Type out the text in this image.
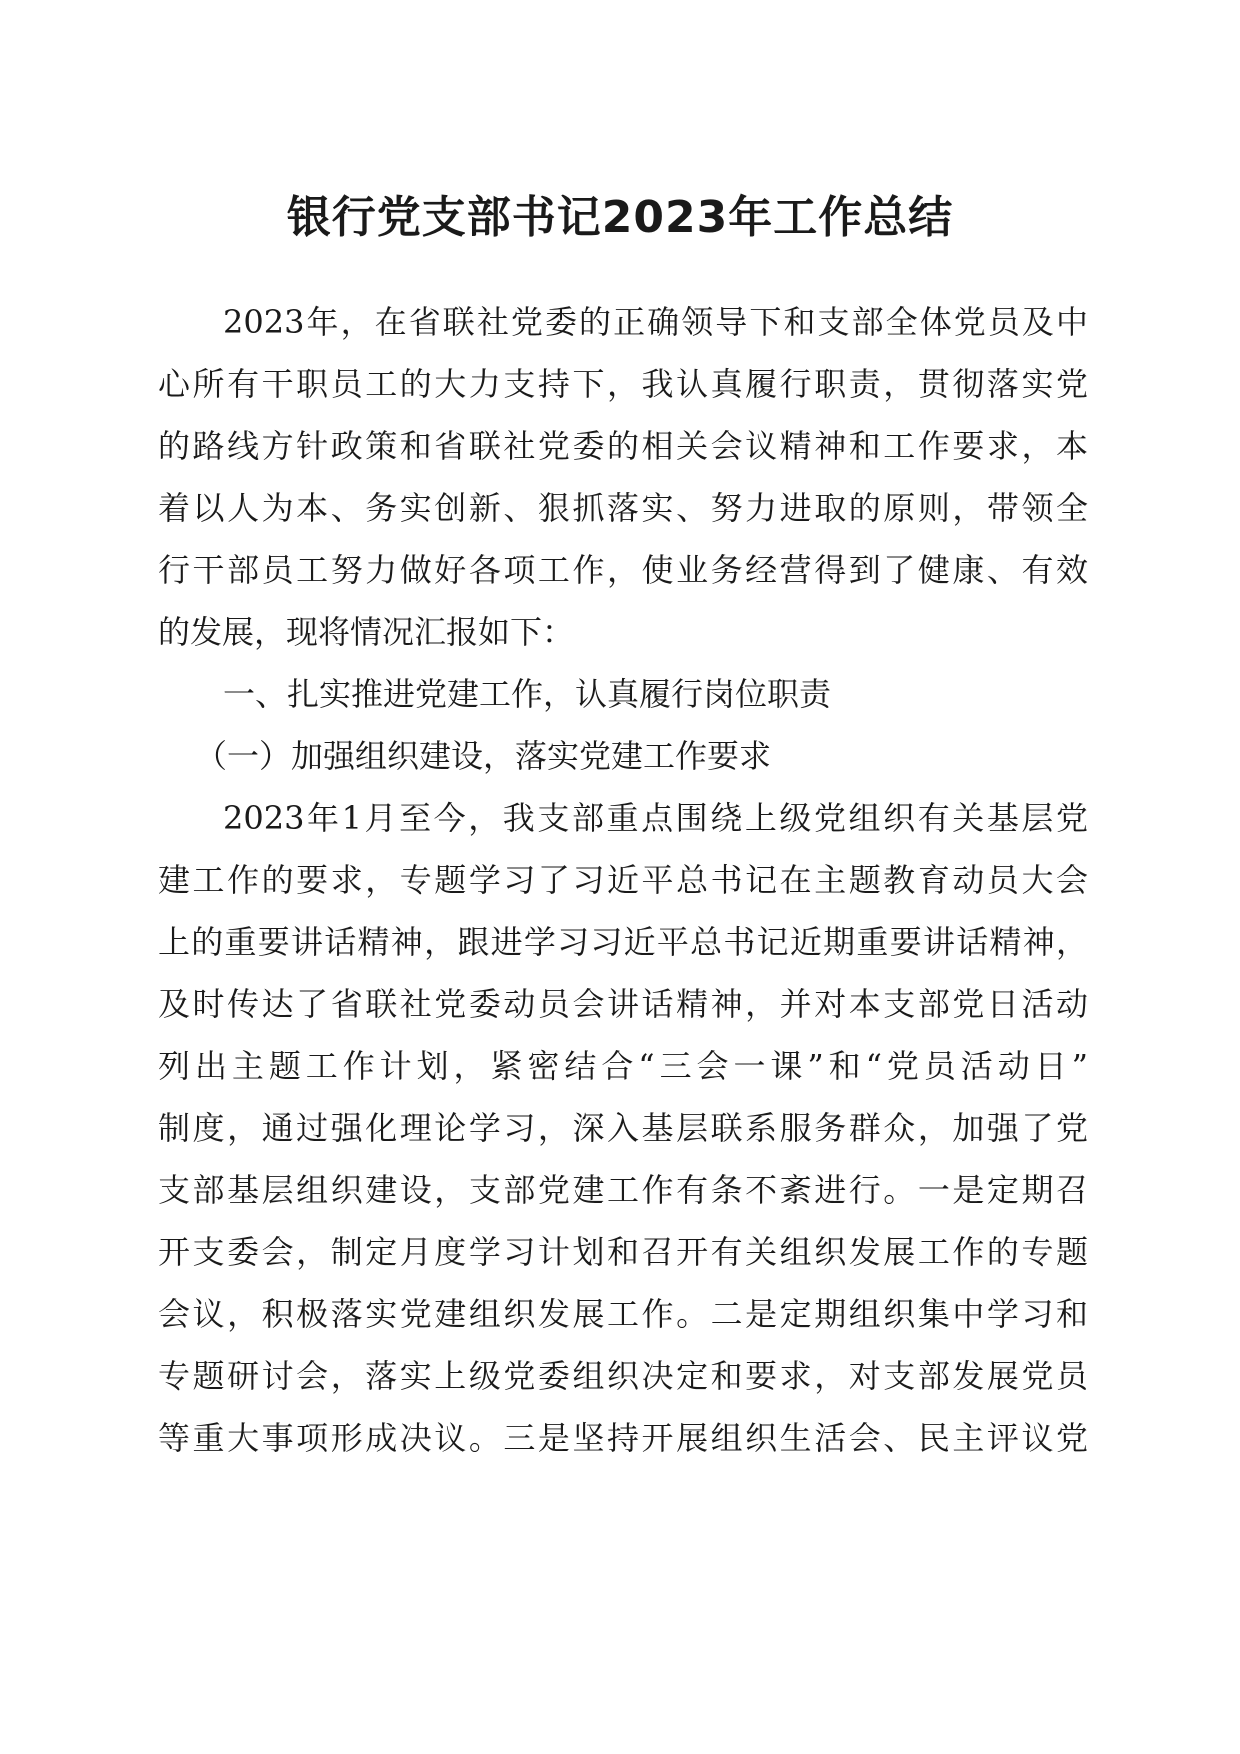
银行党支部书记2023年工作总结
2023年，在省联社党委的正确领导下和支部全体党员及中
心所有干职员工的大力支持下，我认真履行职责，贯彻落实党
的路线方针政策和省联社党委的相关会议精神和工作要求，本
着以人为本、务实创新、狠抓落实、努力进取的原则，带领全
行干部员工努力做好各项工作，使业务经营得到了健康、有效
的发展，现将情况汇报如下：
一、扎实推进党建工作，认真履行岗位职责
（一）加强组织建设，落实党建工作要求
2023年1月至今，我支部重点围绕上级党组织有关基层党
建工作的要求，专题学习了习近平总书记在主题教育动员大会
上的重要讲话精神，跟进学习习近平总书记近期重要讲话精神，
及时传达了省联社党委动员会讲话精神，并对本支部党日活动
列出主题工作计划，紧密结合“三会一课”和“党员活动日”
制度，通过强化理论学习，深入基层联系服务群众，加强了党
支部基层组织建设，支部党建工作有条不紊进行。一是定期召
开支委会，制定月度学习计划和召开有关组织发展工作的专题
会议，积极落实党建组织发展工作。二是定期组织集中学习和
专题研讨会，落实上级党委组织决定和要求，对支部发展党员
等重大事项形成决议。三是坚持开展组织生活会、民主评议党
